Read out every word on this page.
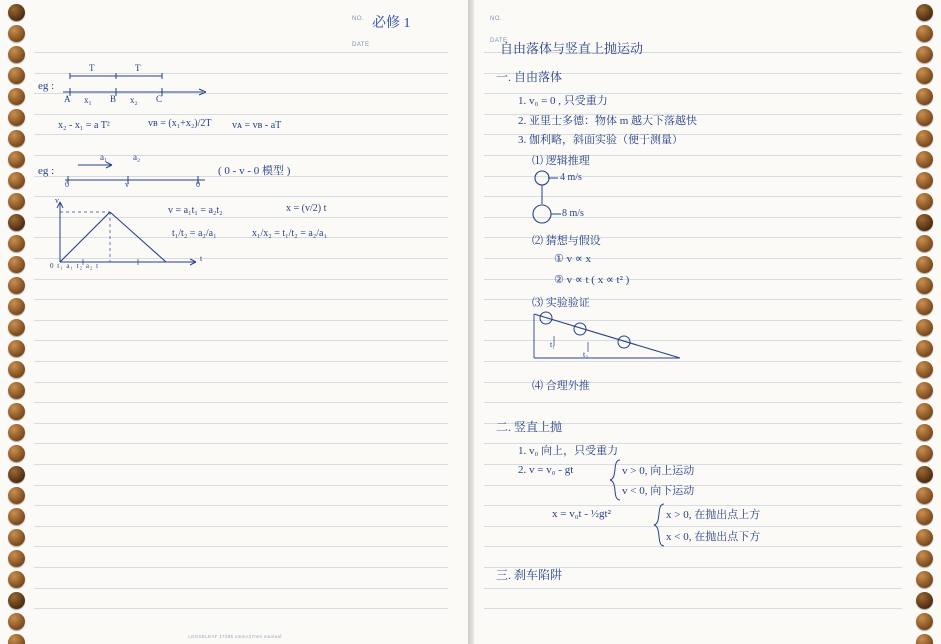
NO. 必修 1
DATE
eg :
T	T
A x₁ B x₂ C
x₂ - x₁ = a T²	vʙ = (x₁+x₂)/2T vᴀ = vʙ - aT
eg :
a₁	a₂
0	v	0
( 0 - v - 0 模型 )
v
t
0 t₁ a₁ t₂ a₂ t
v = a₁t₁ = a₂t₂	x = (v/2) t
t₁/t₂ = a₂/a₁	x₁/x₂ = t₁/t₂ = a₂/a₁
LOOSELEAF 17286 1mm×27mm maxleaf
NO.
DATE
自由落体与竖直上抛运动
一. 自由落体
1. v₀ = 0 , 只受重力
2. 亚里士多德：物体 m 越大下落越快
3. 伽利略，斜面实验（便于测量）
⑴ 逻辑推理
4 m/s
8 m/s
⑵ 猜想与假设
① v ∝ x
② v ∝ t ( x ∝ t² )
⑶ 实验验证
t₁
t₂
⑷ 合理外推
二. 竖直上抛
1. v₀ 向上，只受重力
2. v = v₀ - gt	v > 0, 向上运动
v < 0, 向下运动
x = v₀t - ½gt²	x > 0, 在抛出点上方
x < 0, 在抛出点下方
三. 刹车陷阱
